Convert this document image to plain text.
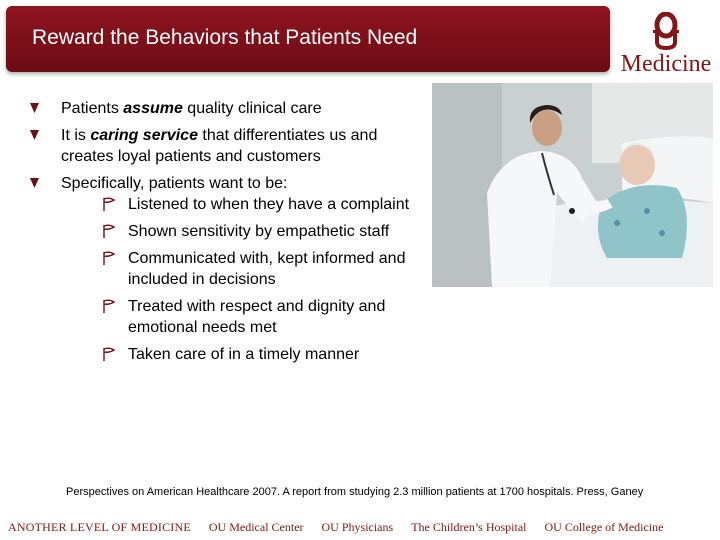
Reward the Behaviors that Patients Need
Medicine
Patients assume quality clinical care
It is caring service that differentiates us and creates loyal patients and customers
Specifically, patients want to be:
Listened to when they have a complaint
Shown sensitivity by empathetic staff
Communicated with, kept informed and included in decisions
Treated with respect and dignity and emotional needs met
Taken care of in a timely manner
Perspectives on American Healthcare 2007. A report from studying 2.3 million patients at 1700 hospitals. Press, Ganey
ANOTHER LEVEL OF MEDICINE OU Medical Center OU Physicians The Children’s Hospital OU College of Medicine
